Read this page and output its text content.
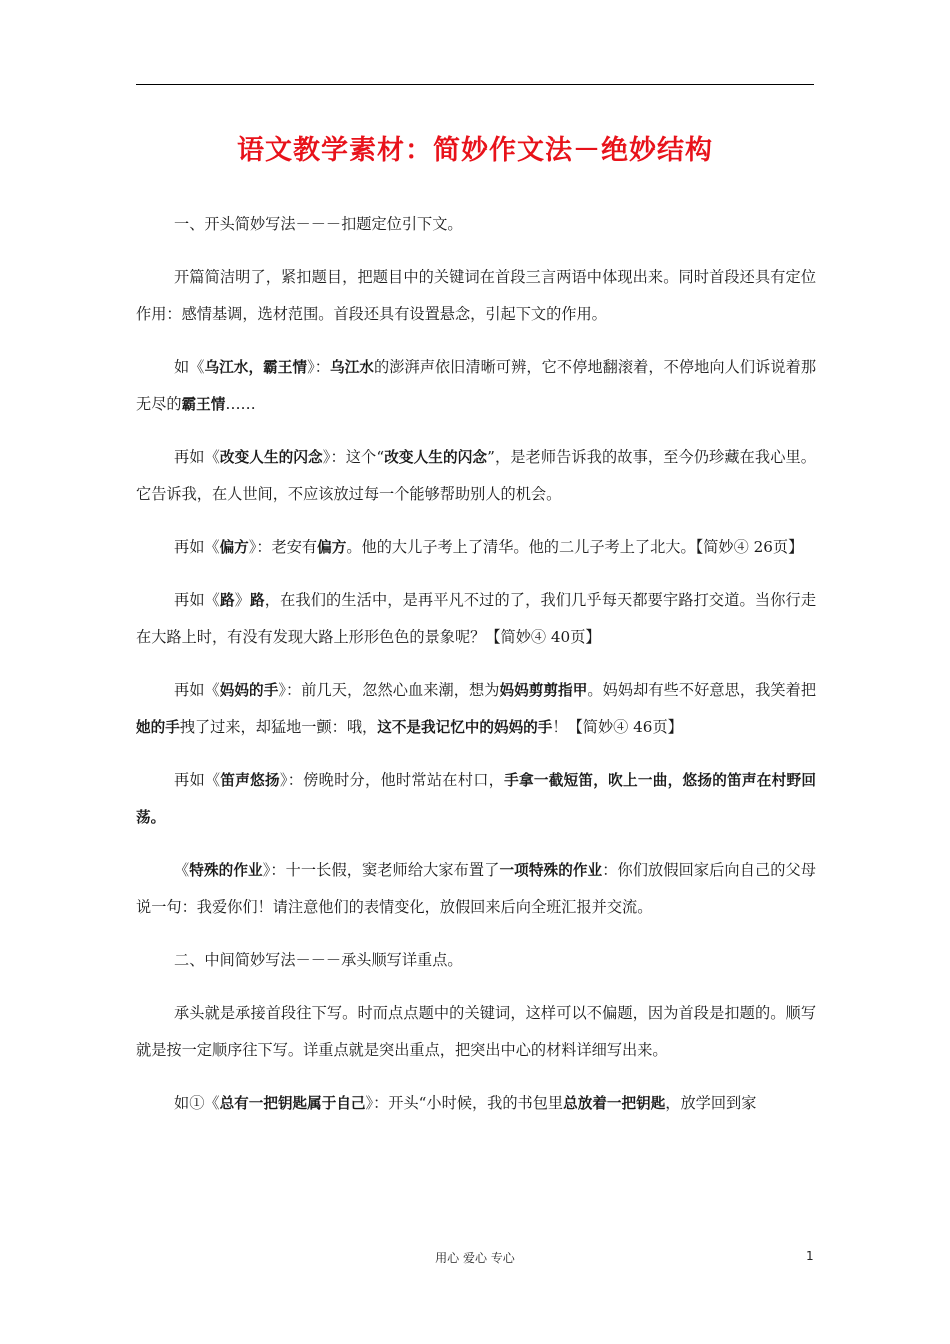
语文教学素材：简妙作文法－绝妙结构

一、开头简妙写法－－－扣题定位引下文。

开篇简洁明了，紧扣题目，把题目中的关键词在首段三言两语中体现出来。同时首段还具有定位作用：感情基调，选材范围。首段还具有设置悬念，引起下文的作用。

如《乌江水，霸王情》：乌江水的澎湃声依旧清晰可辨，它不停地翻滚着，不停地向人们诉说着那无尽的霸王情……

再如《改变人生的闪念》：这个“改变人生的闪念”，是老师告诉我的故事，至今仍珍藏在我心里。它告诉我，在人世间，不应该放过每一个能够帮助别人的机会。

再如《偏方》：老安有偏方。他的大儿子考上了清华。他的二儿子考上了北大。【简妙④ 26页】

再如《路》路，在我们的生活中，是再平凡不过的了，我们几乎每天都要宇路打交道。当你行走在大路上时，有没有发现大路上形形色色的景象呢？【简妙④ 40页】

再如《妈妈的手》：前几天，忽然心血来潮，想为妈妈剪剪指甲。妈妈却有些不好意思，我笑着把她的手拽了过来，却猛地一颤：哦，这不是我记忆中的妈妈的手！【简妙④ 46页】

再如《笛声悠扬》：傍晚时分，他时常站在村口，手拿一截短笛，吹上一曲，悠扬的笛声在村野回荡。

《特殊的作业》：十一长假，窦老师给大家布置了一项特殊的作业：你们放假回家后向自己的父母说一句：我爱你们！请注意他们的表情变化，放假回来后向全班汇报并交流。

二、中间简妙写法－－－承头顺写详重点。

承头就是承接首段往下写。时而点点题中的关键词，这样可以不偏题，因为首段是扣题的。顺写就是按一定顺序往下写。详重点就是突出重点，把突出中心的材料详细写出来。

如①《总有一把钥匙属于自己》：开头“小时候，我的书包里总放着一把钥匙，放学回到家

用心 爱心 专心	1
